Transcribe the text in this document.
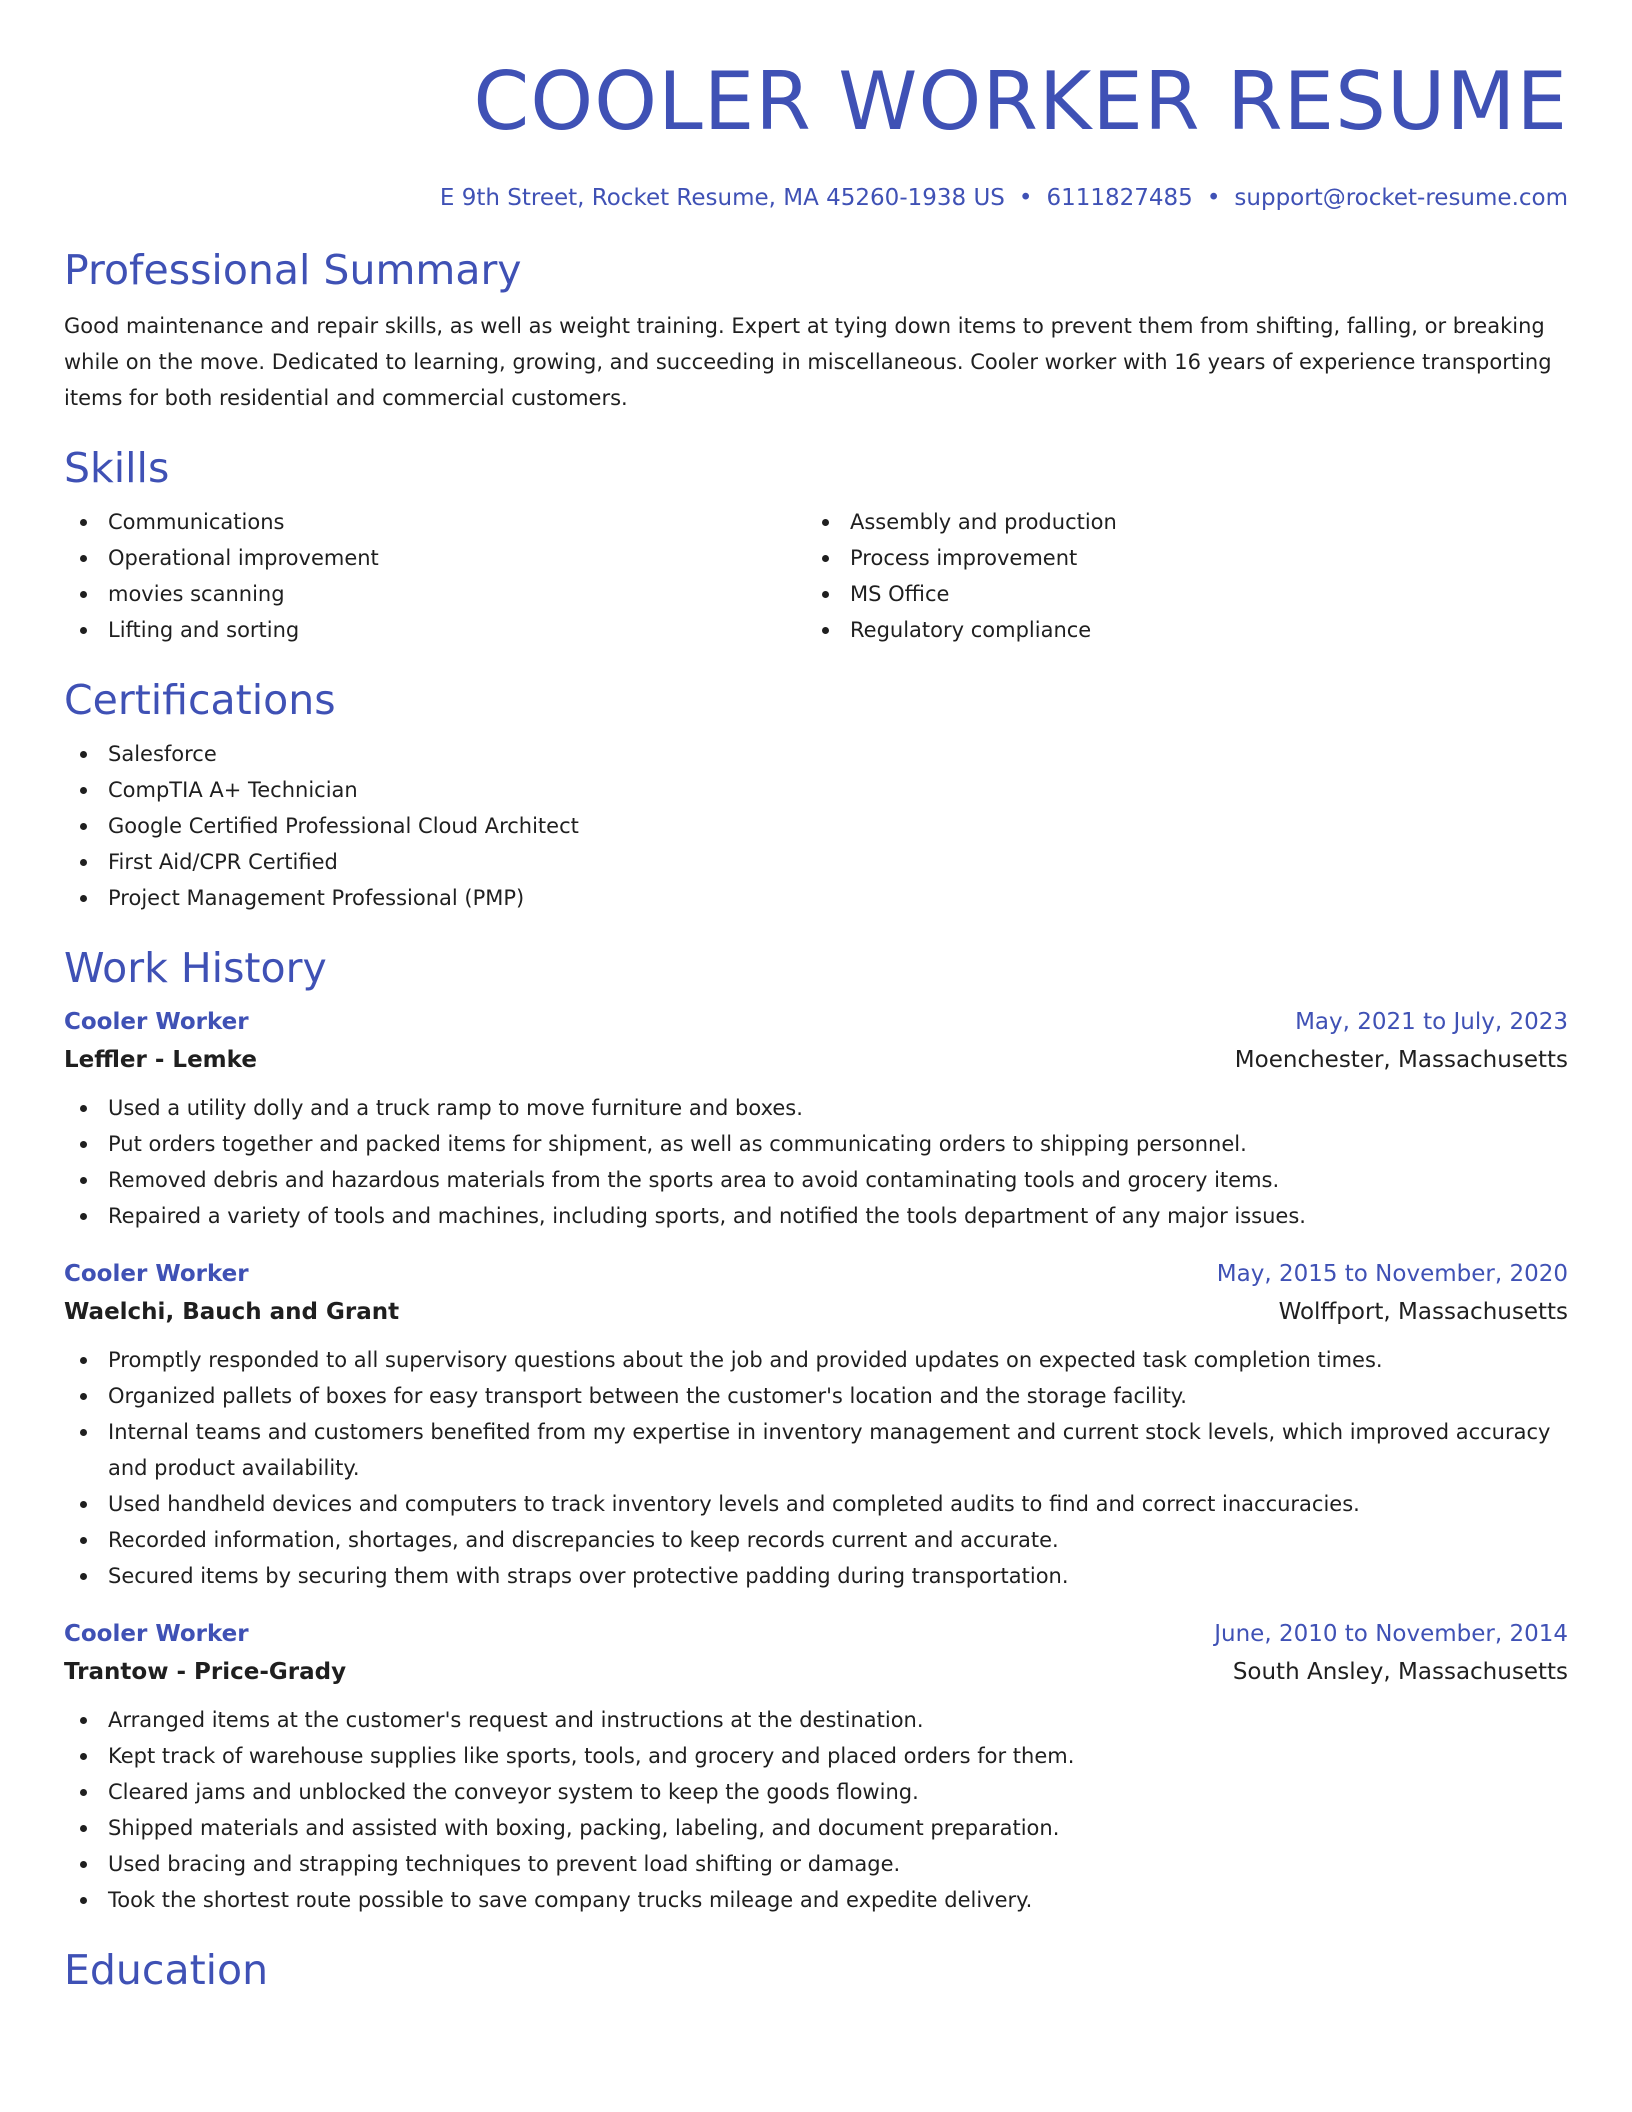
COOLER WORKER RESUME
E 9th Street, Rocket Resume, MA 45260-1938 US • 6111827485 • support@rocket-resume.com
Professional Summary

Good maintenance and repair skills, as well as weight training. Expert at tying down items to prevent them from shifting, falling, or breaking while on the move. Dedicated to learning, growing, and succeeding in miscellaneous. Cooler worker with 16 years of experience transporting items for both residential and commercial customers.

Skills
Communications
Operational improvement
movies scanning
Lifting and sorting
Assembly and production
Process improvement
MS Office
Regulatory compliance
Certifications
Salesforce
CompTIA A+ Technician
Google Certified Professional Cloud Architect
First Aid/CPR Certified
Project Management Professional (PMP)
Work History
Cooler Worker	May, 2021 to July, 2023
Leffler - Lemke	Moenchester, Massachusetts
Used a utility dolly and a truck ramp to move furniture and boxes.
Put orders together and packed items for shipment, as well as communicating orders to shipping personnel.
Removed debris and hazardous materials from the sports area to avoid contaminating tools and grocery items.
Repaired a variety of tools and machines, including sports, and notified the tools department of any major issues.
Cooler Worker	May, 2015 to November, 2020
Waelchi, Bauch and Grant	Wolffport, Massachusetts
Promptly responded to all supervisory questions about the job and provided updates on expected task completion times.
Organized pallets of boxes for easy transport between the customer's location and the storage facility.
Internal teams and customers benefited from my expertise in inventory management and current stock levels, which improved accuracy and product availability.
Used handheld devices and computers to track inventory levels and completed audits to find and correct inaccuracies.
Recorded information, shortages, and discrepancies to keep records current and accurate.
Secured items by securing them with straps over protective padding during transportation.
Cooler Worker	June, 2010 to November, 2014
Trantow - Price-Grady	South Ansley, Massachusetts
Arranged items at the customer's request and instructions at the destination.
Kept track of warehouse supplies like sports, tools, and grocery and placed orders for them.
Cleared jams and unblocked the conveyor system to keep the goods flowing.
Shipped materials and assisted with boxing, packing, labeling, and document preparation.
Used bracing and strapping techniques to prevent load shifting or damage.
Took the shortest route possible to save company trucks mileage and expedite delivery.
Education
